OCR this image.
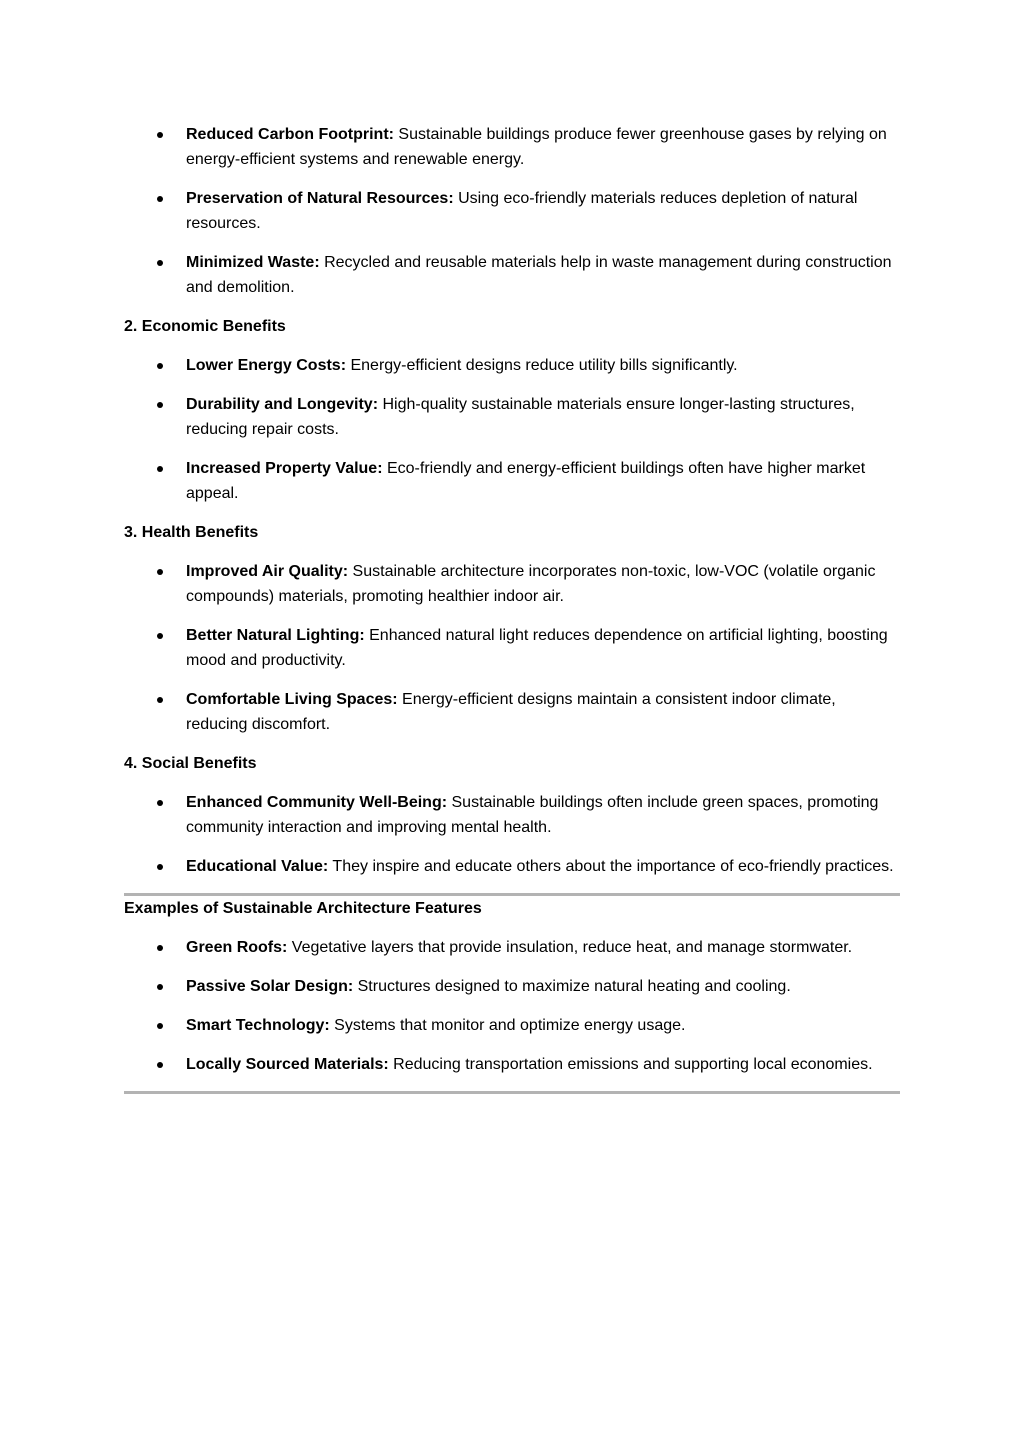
Reduced Carbon Footprint: Sustainable buildings produce fewer greenhouse gases by relying on energy-efficient systems and renewable energy.
Preservation of Natural Resources: Using eco-friendly materials reduces depletion of natural resources.
Minimized Waste: Recycled and reusable materials help in waste management during construction and demolition.
2. Economic Benefits
Lower Energy Costs: Energy-efficient designs reduce utility bills significantly.
Durability and Longevity: High-quality sustainable materials ensure longer-lasting structures, reducing repair costs.
Increased Property Value: Eco-friendly and energy-efficient buildings often have higher market appeal.
3. Health Benefits
Improved Air Quality: Sustainable architecture incorporates non-toxic, low-VOC (volatile organic compounds) materials, promoting healthier indoor air.
Better Natural Lighting: Enhanced natural light reduces dependence on artificial lighting, boosting mood and productivity.
Comfortable Living Spaces: Energy-efficient designs maintain a consistent indoor climate, reducing discomfort.
4. Social Benefits
Enhanced Community Well-Being: Sustainable buildings often include green spaces, promoting community interaction and improving mental health.
Educational Value: They inspire and educate others about the importance of eco-friendly practices.
Examples of Sustainable Architecture Features
Green Roofs: Vegetative layers that provide insulation, reduce heat, and manage stormwater.
Passive Solar Design: Structures designed to maximize natural heating and cooling.
Smart Technology: Systems that monitor and optimize energy usage.
Locally Sourced Materials: Reducing transportation emissions and supporting local economies.
